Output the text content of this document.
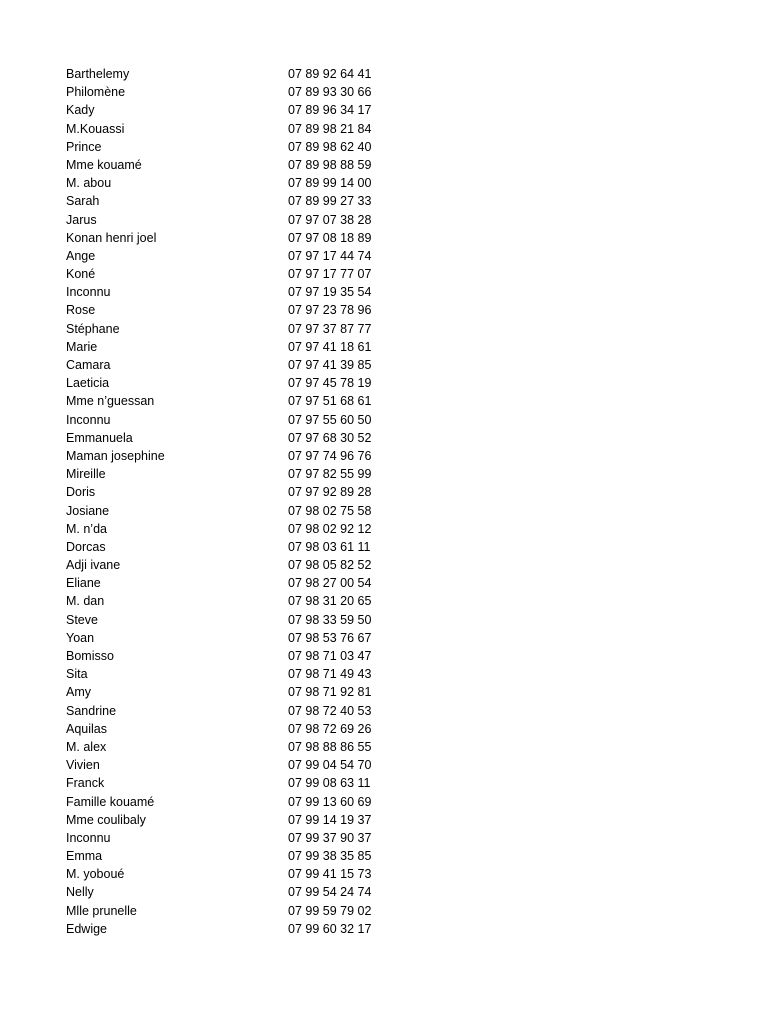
Barthelemy	07 89 92 64 41
Philomène	07 89 93 30 66
Kady	07 89 96 34 17
M.Kouassi	07 89 98 21 84
Prince	07 89 98 62 40
Mme kouamé	07 89 98 88 59
M. abou	07 89 99 14 00
Sarah	07 89 99 27 33
Jarus	07 97 07 38 28
Konan henri joel	07 97 08 18 89
Ange	07 97 17 44 74
Koné	07 97 17 77 07
Inconnu	07 97 19 35 54
Rose	07 97 23 78 96
Stéphane	07 97 37 87 77
Marie	07 97 41 18 61
Camara	07 97 41 39 85
Laeticia	07 97 45 78 19
Mme n’guessan	07 97 51 68 61
Inconnu	07 97 55 60 50
Emmanuela	07 97 68 30 52
Maman josephine	07 97 74 96 76
Mireille	07 97 82 55 99
Doris	07 97 92 89 28
Josiane	07 98 02 75 58
M. n’da	07 98 02 92 12
Dorcas	07 98 03 61 11
Adji ivane	07 98 05 82 52
Eliane	07 98 27 00 54
M. dan	07 98 31 20 65
Steve	07 98 33 59 50
Yoan	07 98 53 76 67
Bomisso	07 98 71 03 47
Sita	07 98 71 49 43
Amy	07 98 71 92 81
Sandrine	07 98 72 40 53
Aquilas	07 98 72 69 26
M. alex	07 98 88 86 55
Vivien	07 99 04 54 70
Franck	07 99 08 63 11
Famille kouamé	07 99 13 60 69
Mme coulibaly	07 99 14 19 37
Inconnu	07 99 37 90 37
Emma	07 99 38 35 85
M. yoboué	07 99 41 15 73
Nelly	07 99 54 24 74
Mlle prunelle	07 99 59 79 02
Edwige	07 99 60 32 17
